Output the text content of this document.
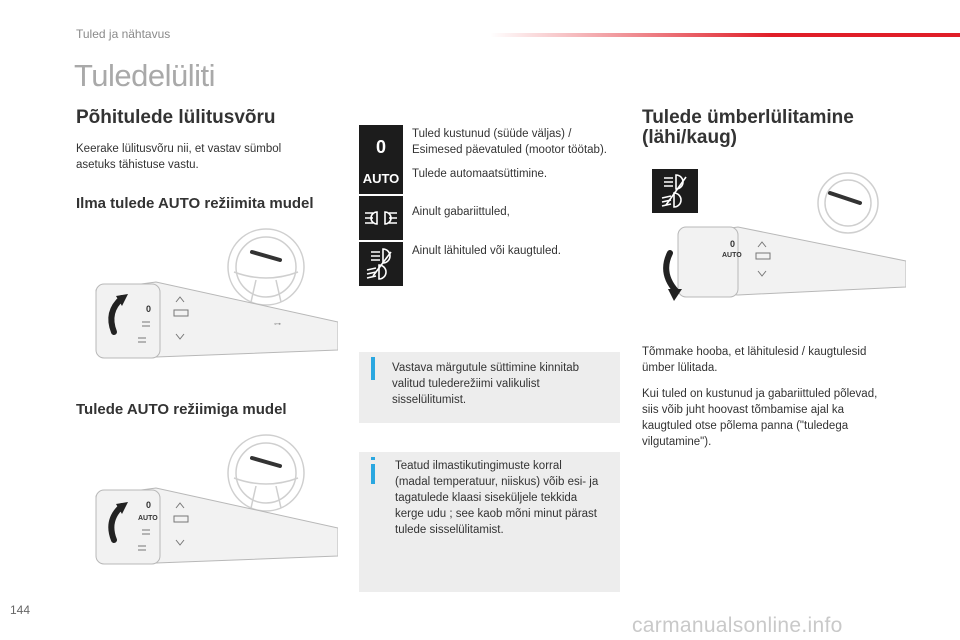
Tuled ja nähtavus
Tuledelüliti
Põhitulede lülitusvõru

Keerake lülitusvõru nii, et vastav sümbol

asetuks tähistuse vastu.

Ilma tulede AUTO režiimita mudel
0
⊶
Tulede AUTO režiimiga mudel
0
AUTO
0

Tuled kustunud (süüde väljas) /

Esimesed päevatuled (mootor töötab).

AUTO Tulede automaatsüttimine.

Ainult gabariittuled,

Ainult lähituled või kaugtuled.

Vastava märgutule süttimine kinnitab
valitud tulederežiimi valikulist
sisselülitumist.
Teatud ilmastikutingimuste korral
(madal temperatuur, niiskus) võib esi- ja
tagatulede klaasi siseküljele tekkida
kerge udu ; see kaob mõni minut pärast
tulede sisselülitamist.
Tulede ümberlülitamine
(lähi/kaug)
0
AUTO
Tõmmake hooba, et lähitulesid / kaugtulesid
ümber lülitada.
Kui tuled on kustunud ja gabariittuled põlevad,
siis võib juht hoovast tõmbamise ajal ka
kaugtuled otse põlema panna ("tuledega
vilgutamine").
144
carmanualsonline.info
